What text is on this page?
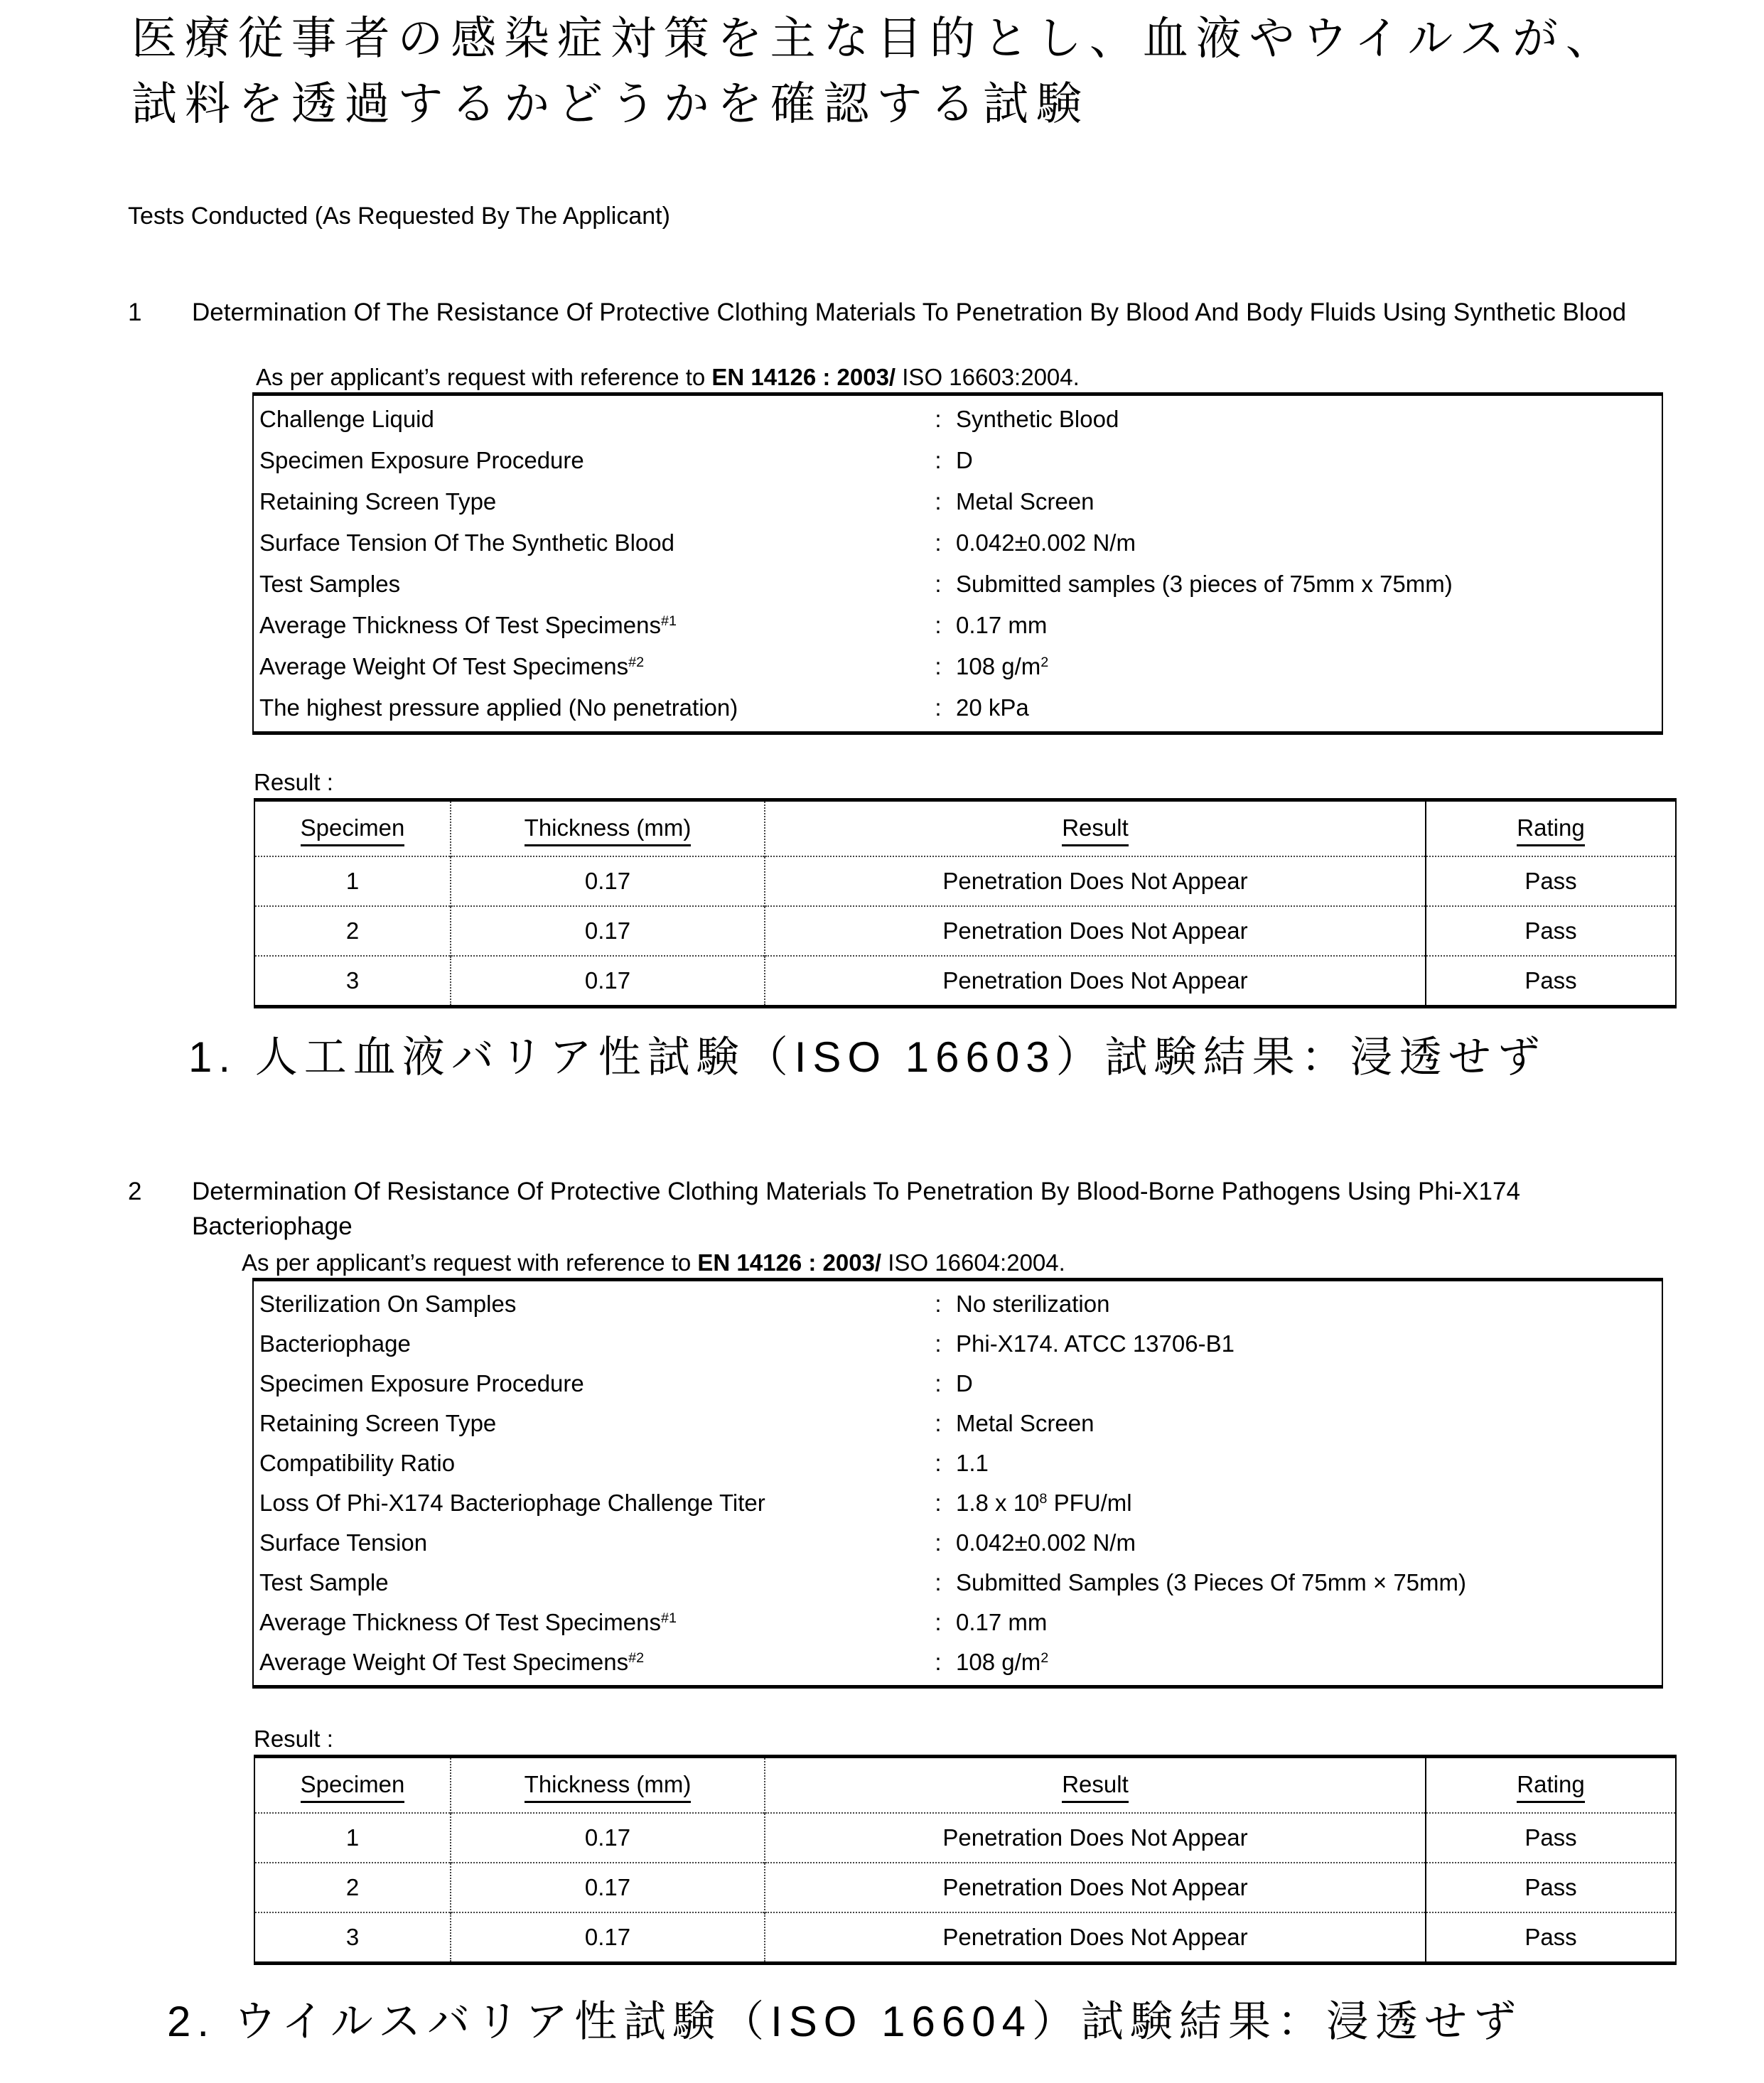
医療従事者の感染症対策を主な目的とし、血液やウイルスが、
試料を透過するかどうかを確認する試験
Tests Conducted (As Requested By The Applicant)
1	Determination Of The Resistance Of Protective Clothing Materials To Penetration By Blood And Body Fluids Using Synthetic Blood
As per applicant’s request with reference to EN 14126 : 2003/ ISO 16603:2004.
Challenge Liquid	: Synthetic Blood
Specimen Exposure Procedure	: D
Retaining Screen Type	: Metal Screen
Surface Tension Of The Synthetic Blood	: 0.042±0.002 N/m
Test Samples	: Submitted samples (3 pieces of 75mm x 75mm)
Average Thickness Of Test Specimens$^{\#1}$	: 0.17 mm
Average Weight Of Test Specimens$^{\#2}$	: 108 $g/m^2$
The highest pressure applied (No penetration)	: 20 kPa
Result :
Specimen	Thickness (mm)	Result	Rating
1	0.17	Penetration Does Not Appear	Pass
2	0.17	Penetration Does Not Appear	Pass
3	0.17	Penetration Does Not Appear	Pass
1. 人工血液バリア性試験（ISO 16603）試験結果：浸透せず
2	Determination Of Resistance Of Protective Clothing Materials To Penetration By Blood-Borne Pathogens Using Phi-X174 Bacteriophage
As per applicant’s request with reference to EN 14126 : 2003/ ISO 16604:2004.
Sterilization On Samples	: No sterilization
Bacteriophage	: Phi-X174. ATCC 13706-B1
Specimen Exposure Procedure	: D
Retaining Screen Type	: Metal Screen
Compatibility Ratio	: 1.1
Loss Of Phi-X174 Bacteriophage Challenge Titer	: 1.8 x $10^8$ PFU/ml
Surface Tension	: 0.042±0.002 N/m
Test Sample	: Submitted Samples (3 Pieces Of 75mm × 75mm)
Average Thickness Of Test Specimens$^{\#1}$	: 0.17 mm
Average Weight Of Test Specimens$^{\#2}$	: 108 $g/m^2$
Result :
Specimen	Thickness (mm)	Result	Rating
1	0.17	Penetration Does Not Appear	Pass
2	0.17	Penetration Does Not Appear	Pass
3	0.17	Penetration Does Not Appear	Pass
2. ウイルスバリア性試験（ISO 16604）試験結果：浸透せず
